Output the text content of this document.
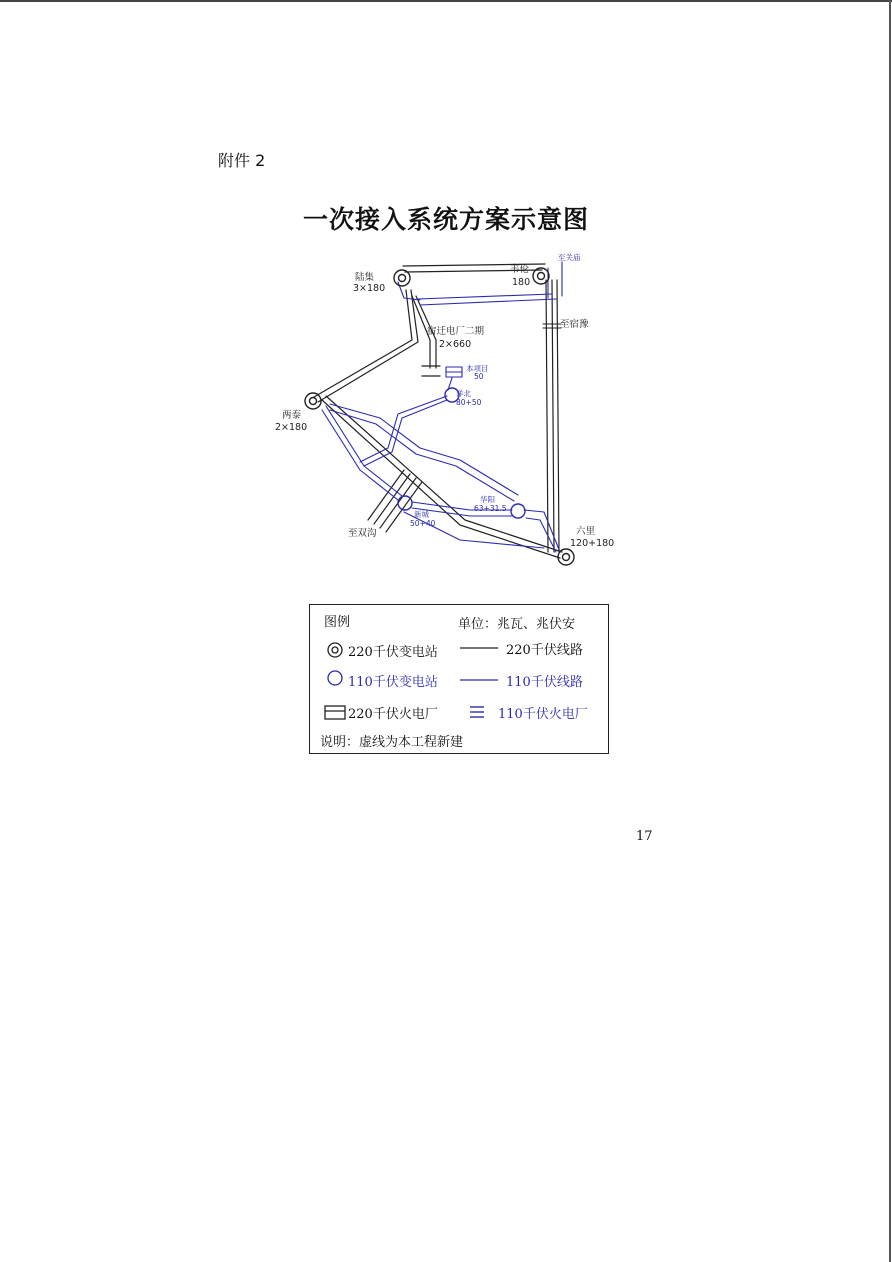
附件 2
一次接入系统方案示意图
陆集
3×180
韦伦
180
至宿豫
宿迁电厂二期
2×660
两泰
2×180
至双沟	六里
120+180
至关庙
本项目
50
洋北
80+50
新城
50+40
华阳
63+31.5
图例	单位：兆瓦、兆伏安
220千伏变电站	220千伏线路
110千伏变电站	110千伏线路
220千伏火电厂	110千伏火电厂
说明：虚线为本工程新建
17
